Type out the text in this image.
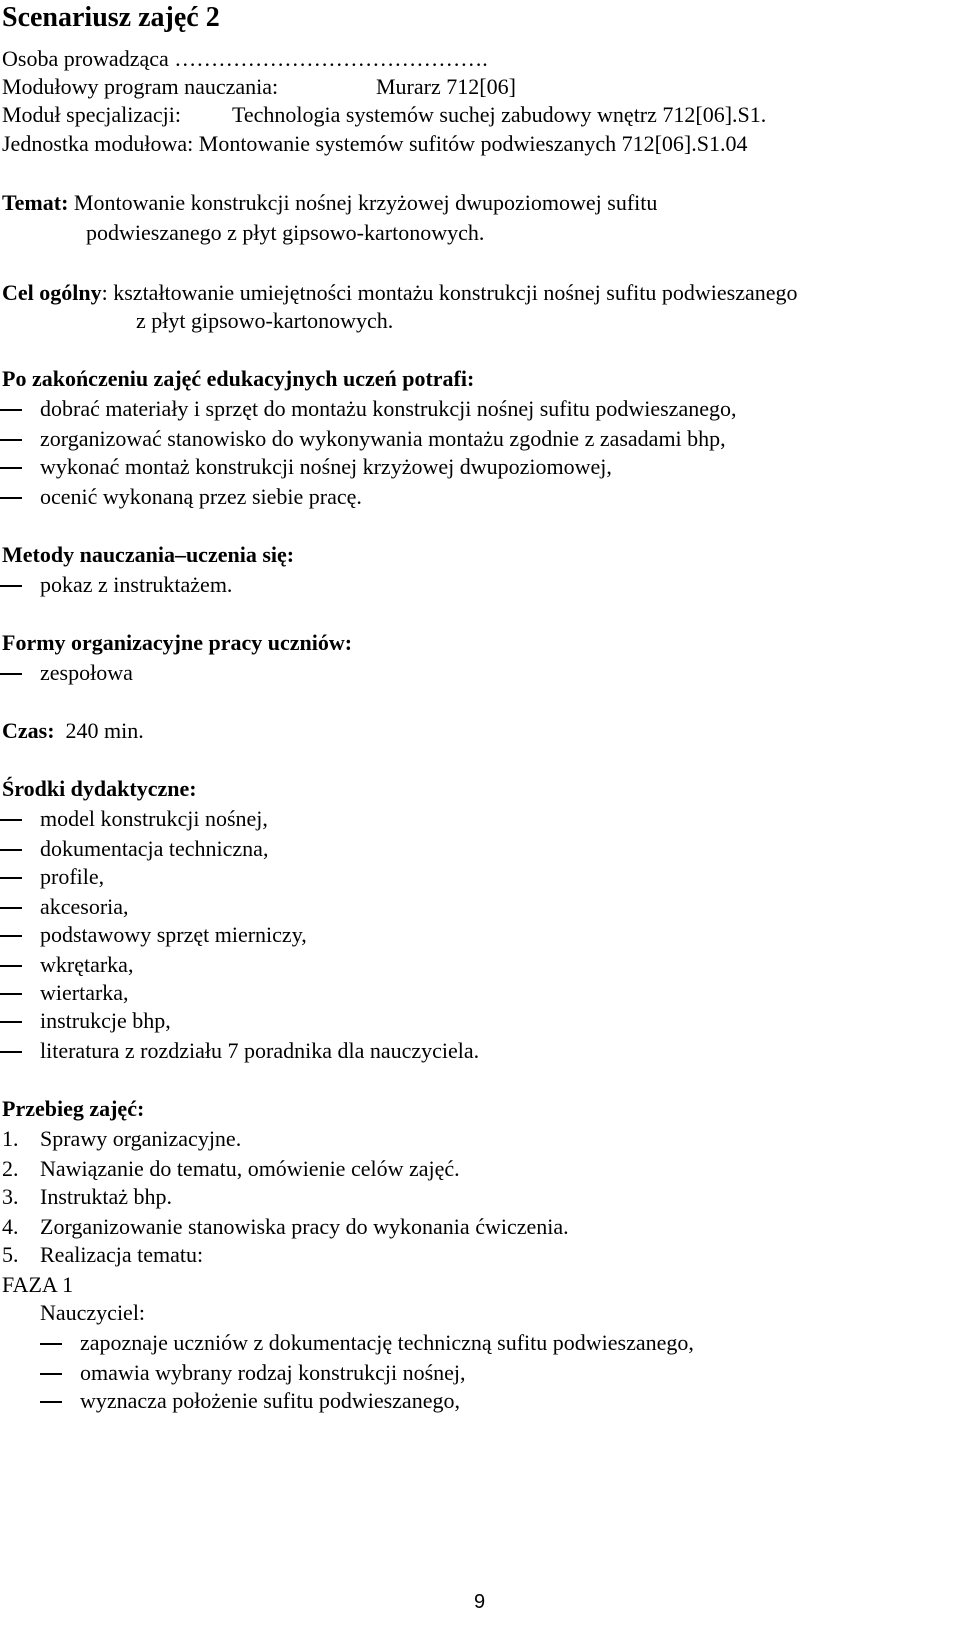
Scenariusz zajęć 2
Osoba prowadząca …………………………………….
Modułowy program nauczania:	Murarz 712[06]
Moduł specjalizacji: Technologia systemów suchej zabudowy wnętrz 712[06].S1.
Jednostka modułowa: Montowanie systemów sufitów podwieszanych 712[06].S1.04
Temat: Montowanie konstrukcji nośnej krzyżowej dwupoziomowej sufitu
podwieszanego z płyt gipsowo-kartonowych.
Cel ogólny: kształtowanie umiejętności montażu konstrukcji nośnej sufitu podwieszanego
z płyt gipsowo-kartonowych.
Po zakończeniu zajęć edukacyjnych uczeń potrafi:
dobrać materiały i sprzęt do montażu konstrukcji nośnej sufitu podwieszanego,
zorganizować stanowisko do wykonywania montażu zgodnie z zasadami bhp,
wykonać montaż konstrukcji nośnej krzyżowej dwupoziomowej,
ocenić wykonaną przez siebie pracę.
Metody nauczania–uczenia się:
pokaz z instruktażem.
Formy organizacyjne pracy uczniów:
zespołowa
Czas: 240 min.
Środki dydaktyczne:
model konstrukcji nośnej,
dokumentacja techniczna,
profile,
akcesoria,
podstawowy sprzęt mierniczy,
wkrętarka,
wiertarka,
instrukcje bhp,
literatura z rozdziału 7 poradnika dla nauczyciela.
Przebieg zajęć:
1. Sprawy organizacyjne.
2. Nawiązanie do tematu, omówienie celów zajęć.
3. Instruktaż bhp.
4. Zorganizowanie stanowiska pracy do wykonania ćwiczenia.
5. Realizacja tematu:
FAZA 1
Nauczyciel:
zapoznaje uczniów z dokumentację techniczną sufitu podwieszanego,
omawia wybrany rodzaj konstrukcji nośnej,
wyznacza położenie sufitu podwieszanego,
9
